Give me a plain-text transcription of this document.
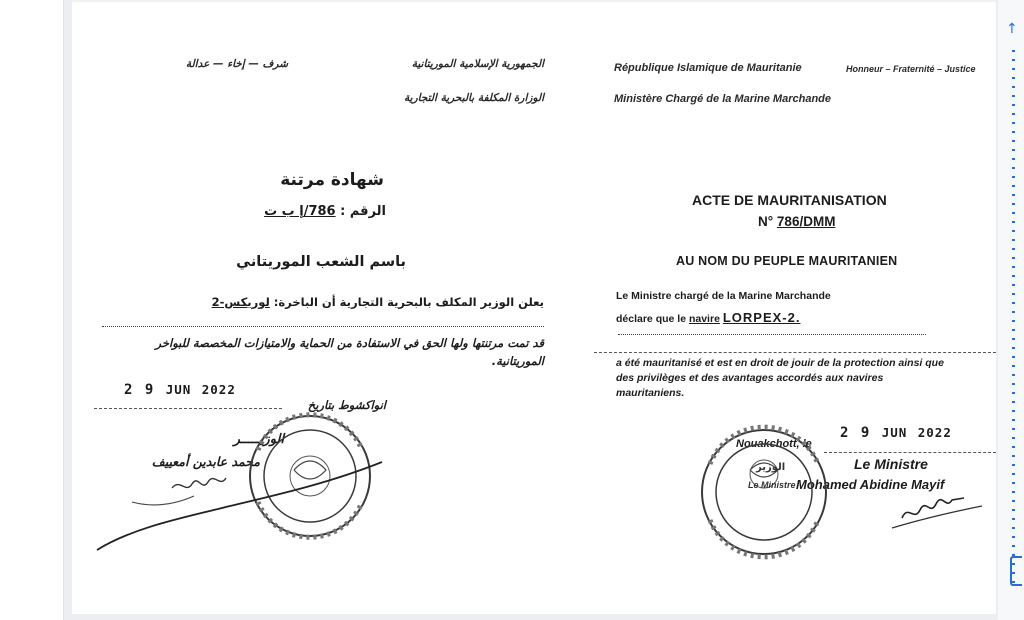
الجمهورية الإسلامية الموريتانية
الوزارة المكلفة بالبحرية التجارية
شرف — إخاء — عدالة	République Islamique de Mauritanie	Honneur – Fraternité – Justice
Ministère Chargé de la Marine Marchande
شهادة مرتنة
الرقم : 786/إ ب ت
باسم الشعب الموريتاني
يعلن الوزير المكلف بالبحرية التجارية أن الباخرة: لوريكس-2
قد تمت مرتنتها ولها الحق في الاستفادة من الحماية والامتيازات المخصصة للبواخر الموريتانية.
2 9 JUN 2022
انواكشوط بتاريخ
الوزيـــــر
محمد عابدين أمعييف
ACTE DE MAURITANISATION
N° 786/DMM
AU NOM DU PEUPLE MAURITANIEN
Le Ministre chargé de la Marine Marchande
déclare que le navire LORPEX-2.
a été mauritanisé et est en droit de jouir de la protection ainsi que
des privilèges et des avantages accordés aux navires
mauritaniens.
Nouakchott, le
2 9 JUN 2022
Le Ministre
Mohamed Abidine Mayif
Le Ministre
الوزير
↑
